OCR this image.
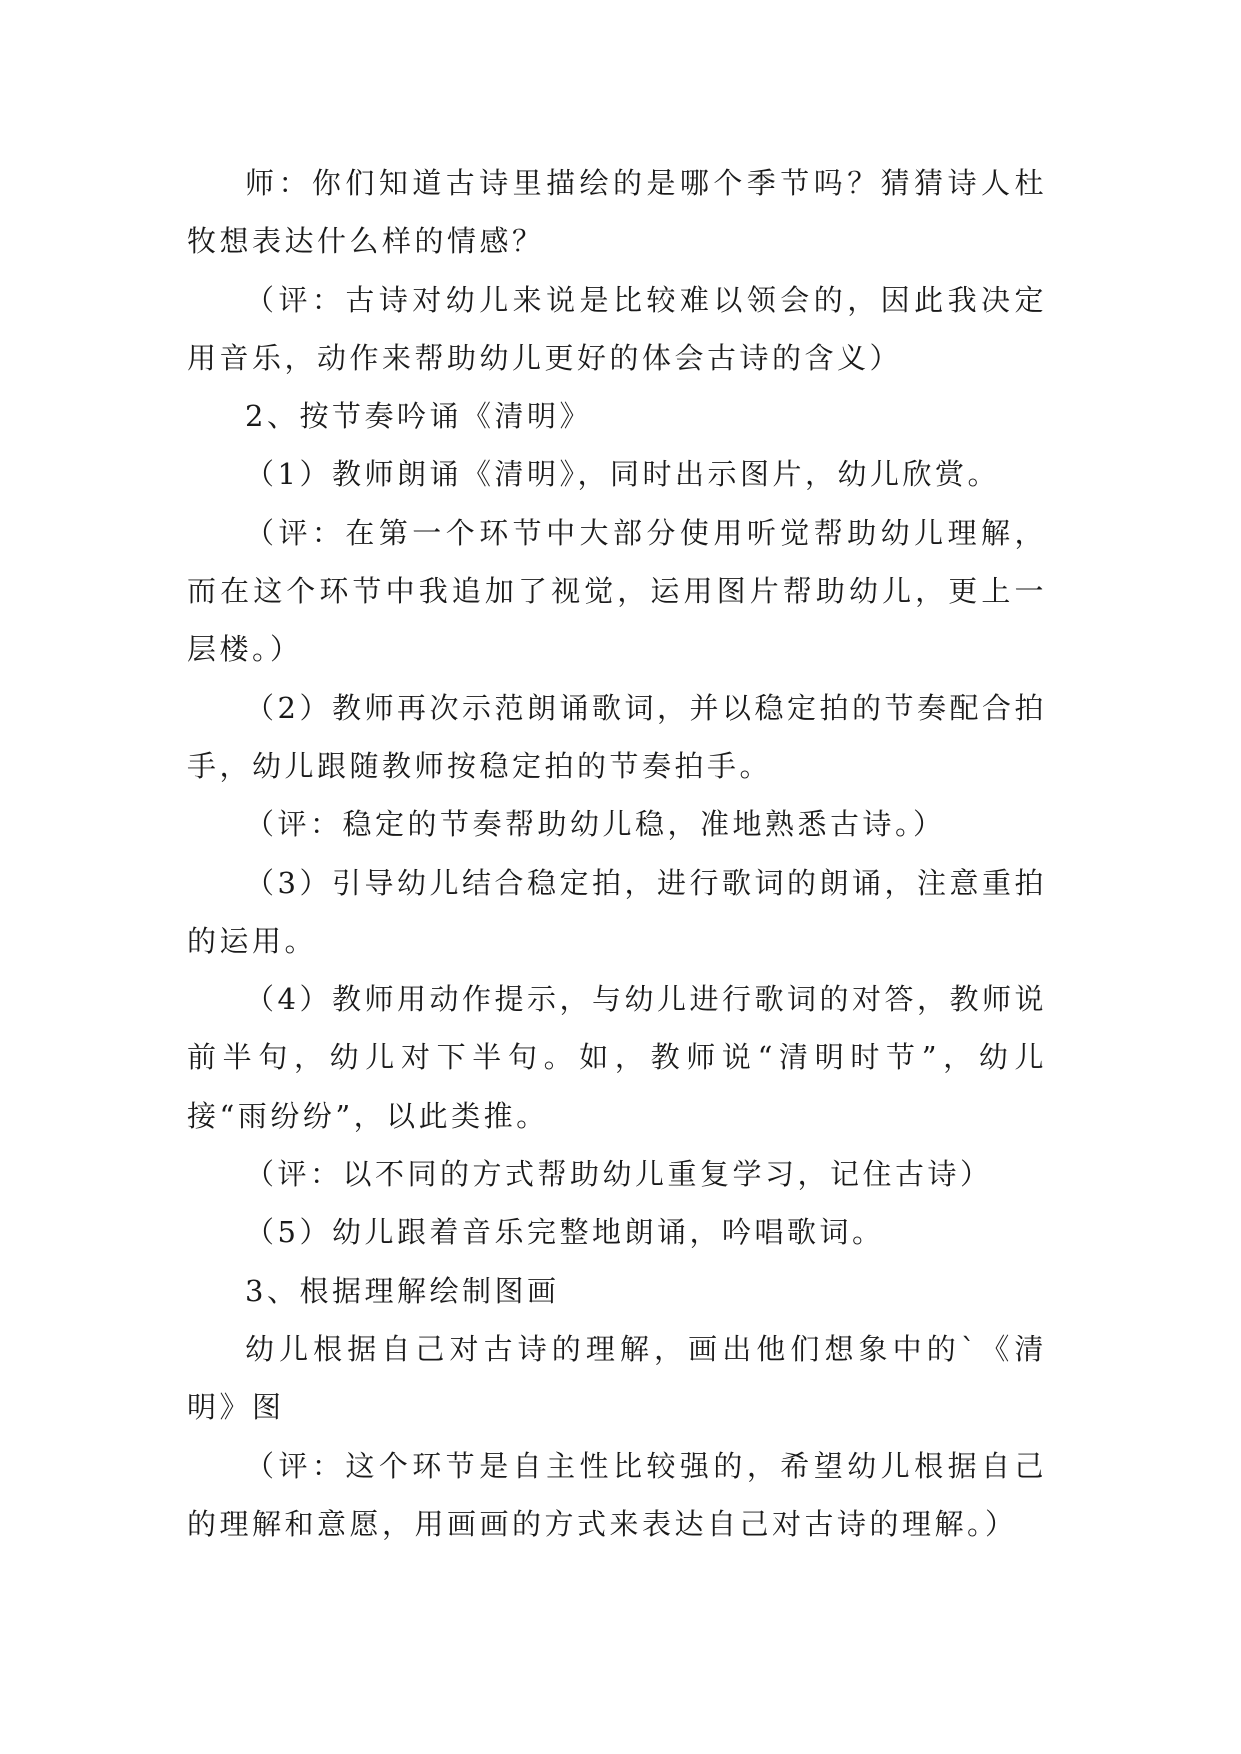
师：你们知道古诗里描绘的是哪个季节吗？猜猜诗人杜牧想表达什么样的情感？

（评：古诗对幼儿来说是比较难以领会的，因此我决定用音乐，动作来帮助幼儿更好的体会古诗的含义）

2、按节奏吟诵《清明》

（1）教师朗诵《清明》，同时出示图片，幼儿欣赏。

（评：在第一个环节中大部分使用听觉帮助幼儿理解，而在这个环节中我追加了视觉，运用图片帮助幼儿，更上一层楼。）

（2）教师再次示范朗诵歌词，并以稳定拍的节奏配合拍手，幼儿跟随教师按稳定拍的节奏拍手。

（评：稳定的节奏帮助幼儿稳，准地熟悉古诗。）

（3）引导幼儿结合稳定拍，进行歌词的朗诵，注意重拍的运用。

（4）教师用动作提示，与幼儿进行歌词的对答，教师说前半句，幼儿对下半句。如，教师说“清明时节”，幼儿接“雨纷纷”，以此类推。

（评：以不同的方式帮助幼儿重复学习，记住古诗）

（5）幼儿跟着音乐完整地朗诵，吟唱歌词。

3、根据理解绘制图画

幼儿根据自己对古诗的理解，画出他们想象中的`《清明》图

（评：这个环节是自主性比较强的，希望幼儿根据自己的理解和意愿，用画画的方式来表达自己对古诗的理解。）
